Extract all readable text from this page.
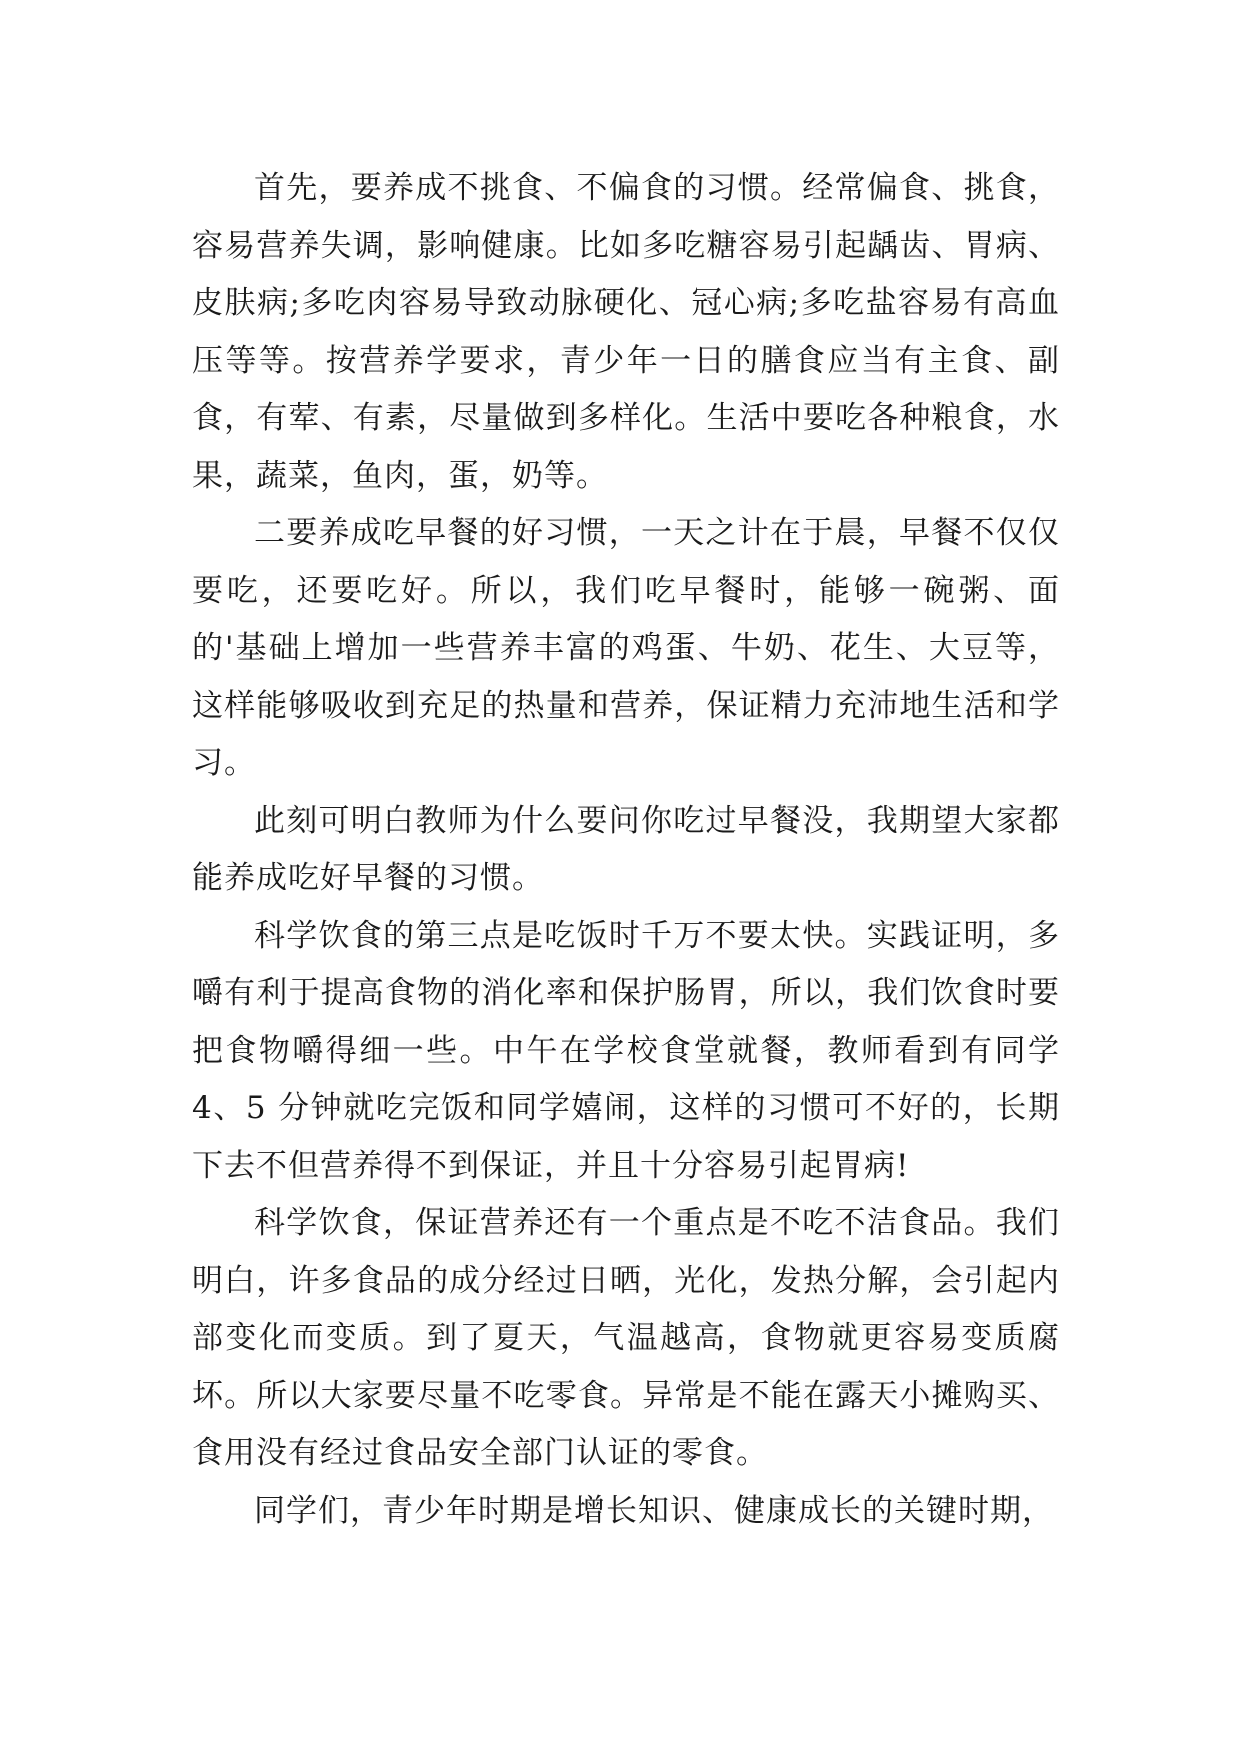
首先，要养成不挑食、不偏食的习惯。经常偏食、挑食，容易营养失调，影响健康。比如多吃糖容易引起龋齿、胃病、皮肤病;多吃肉容易导致动脉硬化、冠心病;多吃盐容易有高血压等等。按营养学要求，青少年一日的膳食应当有主食、副食，有荤、有素，尽量做到多样化。生活中要吃各种粮食，水果，蔬菜，鱼肉，蛋，奶等。

二要养成吃早餐的好习惯，一天之计在于晨，早餐不仅仅要吃，还要吃好。所以，我们吃早餐时，能够一碗粥、面的'基础上增加一些营养丰富的鸡蛋、牛奶、花生、大豆等，这样能够吸收到充足的热量和营养，保证精力充沛地生活和学习。

此刻可明白教师为什么要问你吃过早餐没，我期望大家都能养成吃好早餐的习惯。

科学饮食的第三点是吃饭时千万不要太快。实践证明，多嚼有利于提高食物的消化率和保护肠胃，所以，我们饮食时要把食物嚼得细一些。中午在学校食堂就餐，教师看到有同学 4、5 分钟就吃完饭和同学嬉闹，这样的习惯可不好的，长期下去不但营养得不到保证，并且十分容易引起胃病!

科学饮食，保证营养还有一个重点是不吃不洁食品。我们明白，许多食品的成分经过日晒，光化，发热分解，会引起内部变化而变质。到了夏天，气温越高，食物就更容易变质腐坏。所以大家要尽量不吃零食。异常是不能在露天小摊购买、食用没有经过食品安全部门认证的零食。

同学们，青少年时期是增长知识、健康成长的关键时期，
